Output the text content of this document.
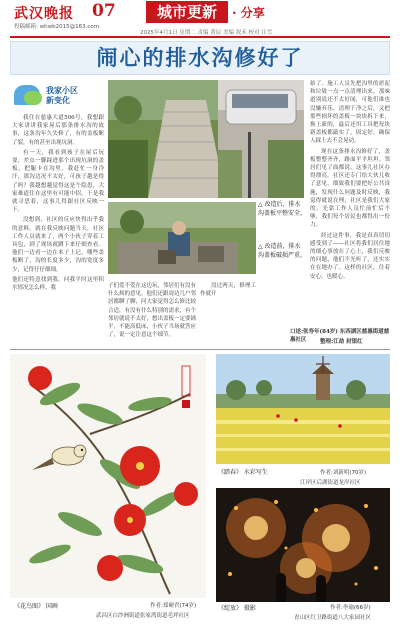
武汉晚报 07
投稿邮箱: whwb2015@163.com
城市更新	· 分享
2025年4月1日 星期二 责编 黄辰 美编 叙禾 校对 江雪
闹心的排水沟修好了
我家小区
新变化

我住在慈惠大道506号，我想跟大家讲讲我家屋后那条排水沟的故事，这条沟年久失修了，有的盖板断了裂，有的甚至出现坑洞。

有一天，我看到孩子在屋后玩耍，差点一脚踩进那个出现坑洞的盖板，把腿卡在沟里。我赶忙一身冷汗，那沟边况不太好，可孩子越是得了吗？我越想越觉得这是个隐患，大家难道住在这里有可能中招。于是我就寻思着，这事儿得跟社区反映一下。

没想到，社区的反应快得出乎我的意料。就在我反映问题当天，社区工作人员就来了，两个小伙子穿着工具包，到了现场就蹲下来仔细查看。他们一边看一边在本子上记，哪些盖板断了，沟的长度多少，沟的宽度多少，记得仔仔细细。

他们还特意找到我，问我平时这里积水情况怎么样，我

△ 改造后，排水沟盖板平整安全。
△ 改造前，排水沟盖板破损严重。

子们爱不爱在这边玩，邻居们有没有什么烦的意见。他们还跟周边几户邻居都聊了聊，问大家觉得怎么修比较合适，有没有什么特别的需求，有个邻居就说不太好，想出盖板一定要铺平，不能高低床，小伙子当场就答应了，说一定注意这个细节。

没过两天，修理工作就开

始了。施工人员先把沟里的淤泥和垃圾一点一点清理出来，那味道别说还不太好闻，可他们谁也没嫌弃乐。清理干净之后，又把那些损坏的盖板一块块拆下来，换上新的，最后还用工具把每块新盖板都敲实了，固定好，确保人踩上去不会晃动。

现在这条排水沟修好了，盖板整整齐齐，路面平平坦坦。邻居们见了面都说，这事儿社区办得漂亮。社区还专门给大伙儿收了意见，细致我们要把好公共设施，发现什么问题及时反映，我觉得就说在理，社区是我们大家的，光靠工作人员忙前忙后不够，我们每个居民也都得出一份力。

经过这件事，我是真真切切感受到了——社区将我们居住地的细心事放在了心上，我们反映的问题，他们不光听了，还实实在在地办了。这样的社区，住着安心，也暖心。

口述:张寿年(84岁) 东西湖区慈惠街道慈惠社区	整理:江劼 封银红
《花鸟图》 国画	作者:郑硬君(74岁)
武昌区白沙洲街道张家湾街道毛坪社区
《踏春》 水彩写生	作者:刘新明(70岁)
江岸区后湖街道龙岸社区
《绽放》 摄影	作者:李瑜(66岁)
青山区红卫路街道八大家园社区
